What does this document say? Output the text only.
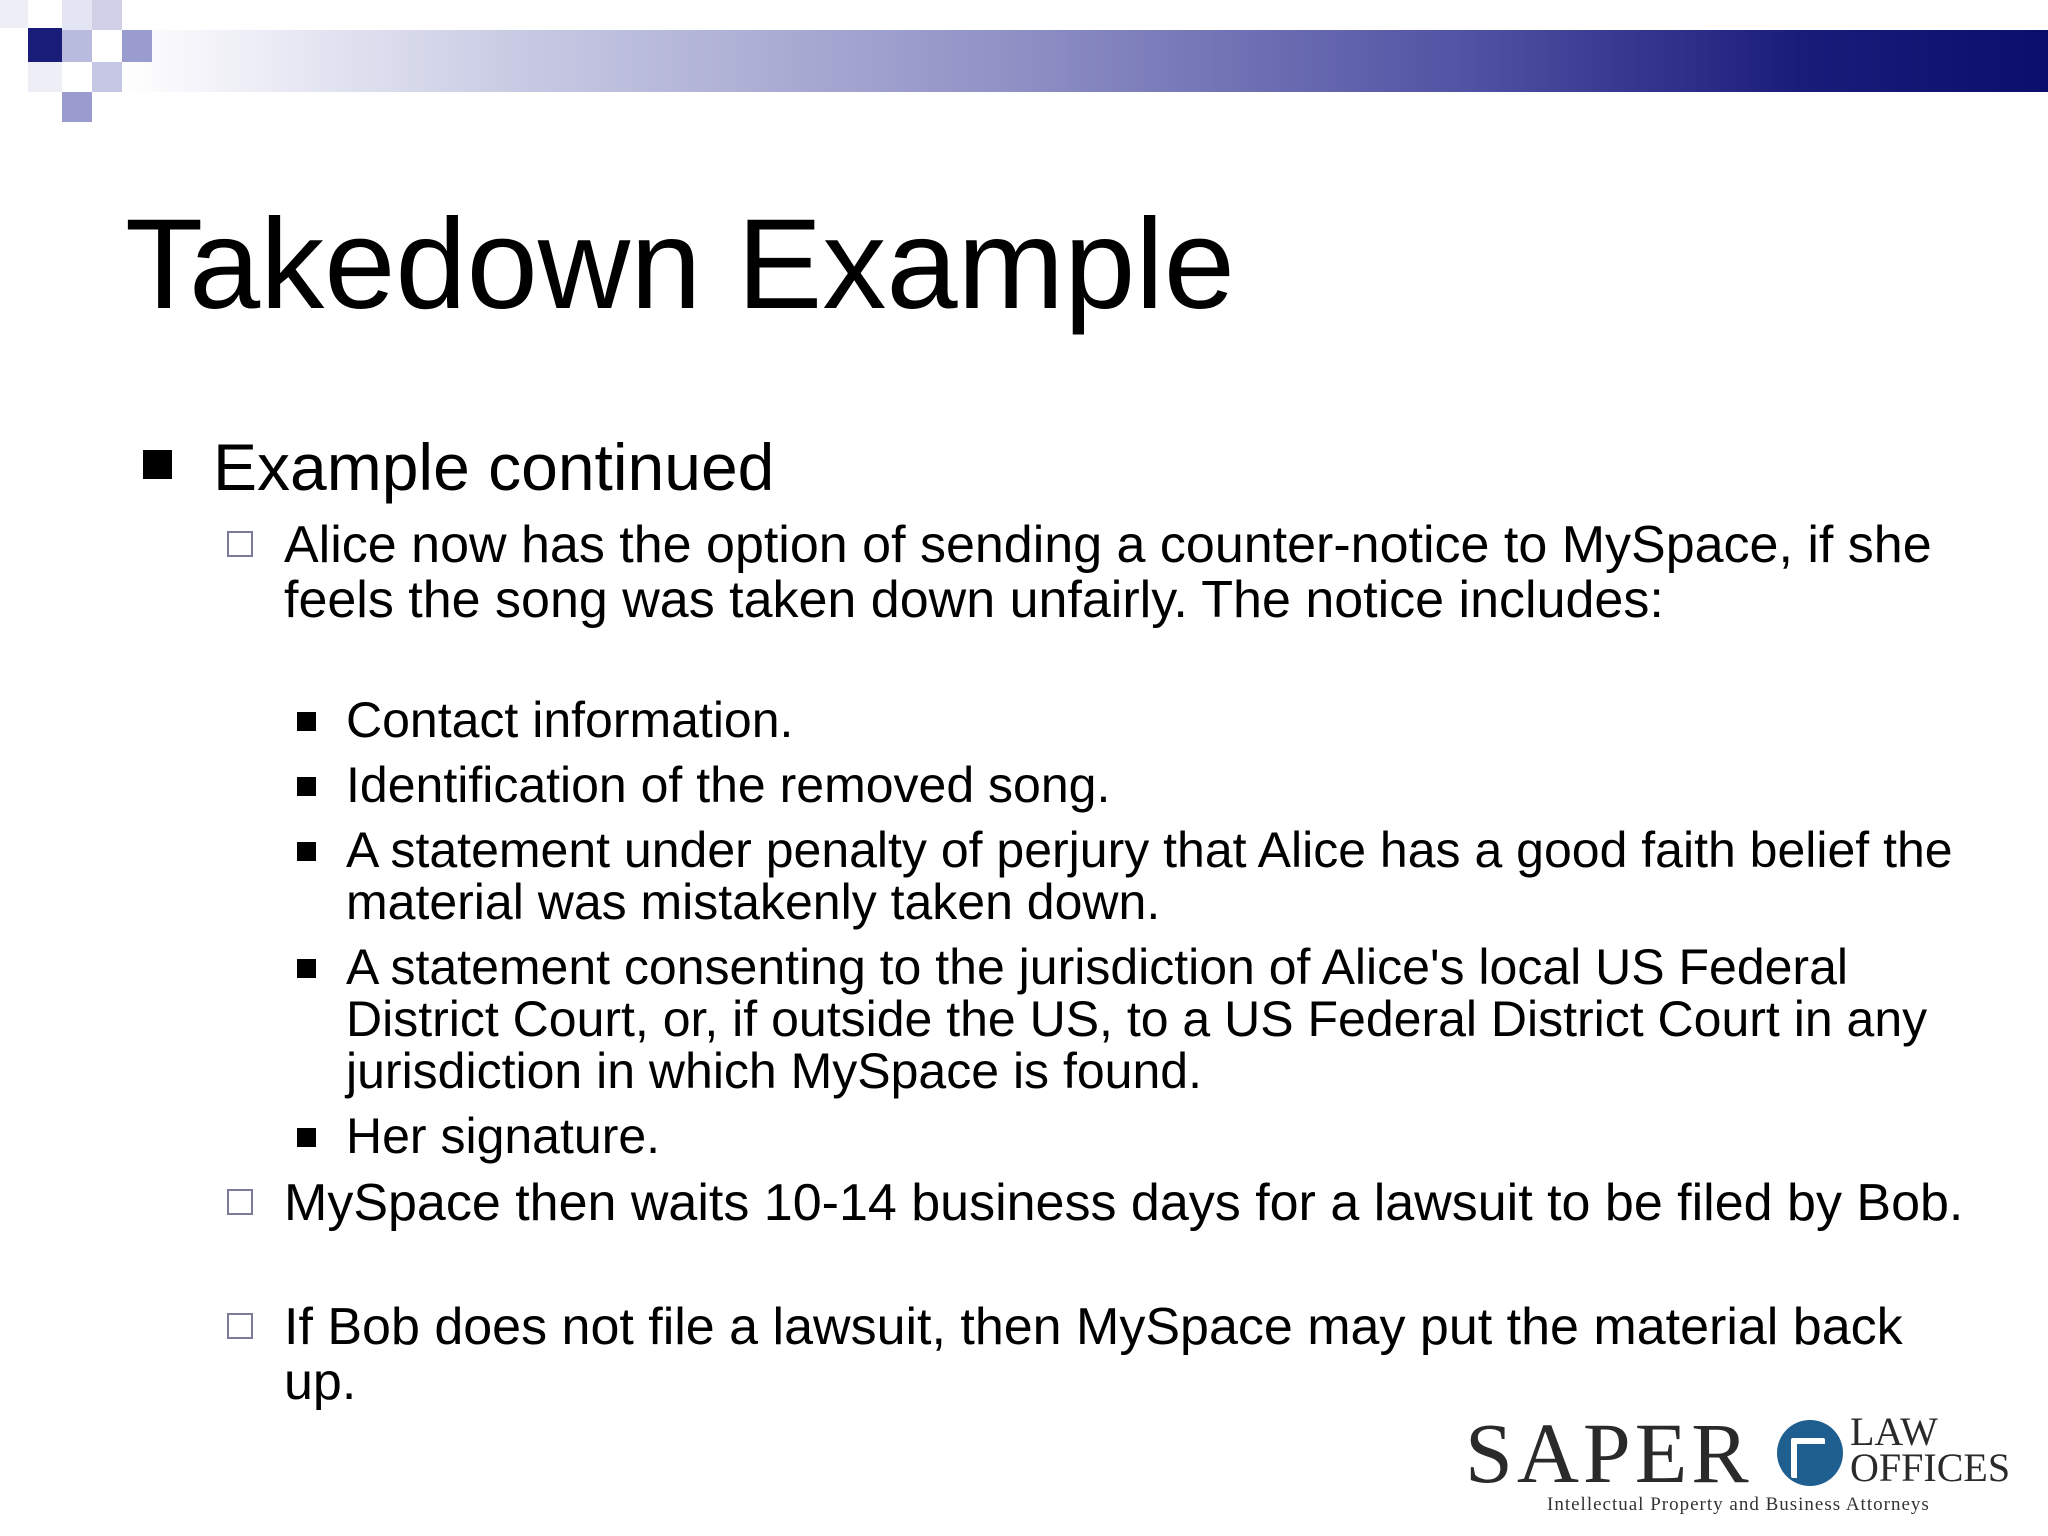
Takedown Example
Example continued
Alice now has the option of sending a counter-notice to MySpace, if she feels the song was taken down unfairly. The notice includes:
Contact information.
Identification of the removed song.
A statement under penalty of perjury that Alice has a good faith belief the material was mistakenly taken down.
A statement consenting to the jurisdiction of Alice's local US Federal District Court, or, if outside the US, to a US Federal District Court in any jurisdiction in which MySpace is found.
Her signature.
MySpace then waits 10-14 business days for a lawsuit to be filed by Bob.
If Bob does not file a lawsuit, then MySpace may put the material back up.
SAPER LAW
OFFICES
Intellectual Property and Business Attorneys
